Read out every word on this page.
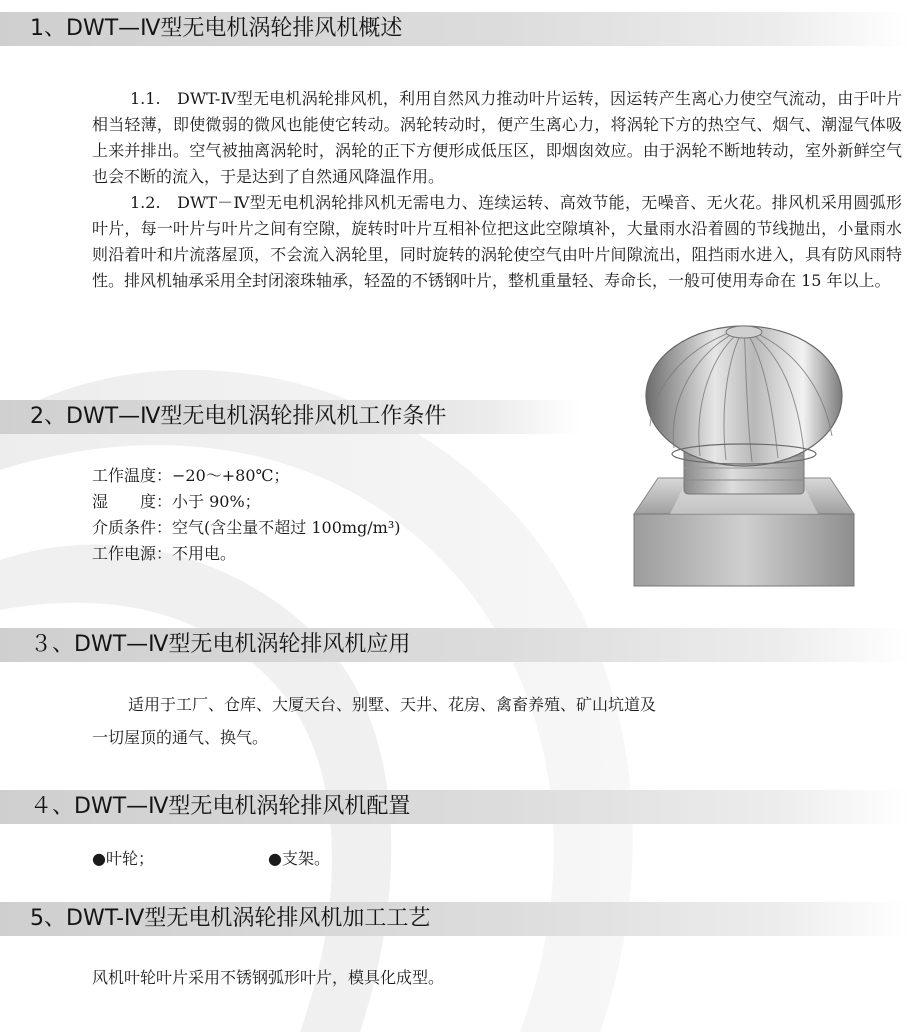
1、DWT—Ⅳ型无电机涡轮排风机概述

1.1.　DWT-Ⅳ型无电机涡轮排风机，利用自然风力推动叶片运转，因运转产生离心力使空气流动，由于叶片相当轻薄，即使微弱的微风也能使它转动。涡轮转动时，便产生离心力，将涡轮下方的热空气、烟气、潮湿气体吸上来并排出。空气被抽离涡轮时，涡轮的正下方便形成低压区，即烟囱效应。由于涡轮不断地转动，室外新鲜空气也会不断的流入，于是达到了自然通风降温作用。

1.2.　DWT－Ⅳ型无电机涡轮排风机无需电力、连续运转、高效节能，无噪音、无火花。排风机采用圆弧形叶片，每一叶片与叶片之间有空隙，旋转时叶片互相补位把这此空隙填补，大量雨水沿着圆的节线抛出，小量雨水则沿着叶和片流落屋顶，不会流入涡轮里，同时旋转的涡轮使空气由叶片间隙流出，阻挡雨水进入，具有防风雨特性。排风机轴承采用全封闭滚珠轴承，轻盈的不锈钢叶片，整机重量轻、寿命长，一般可使用寿命在 15 年以上。

2、DWT—Ⅳ型无电机涡轮排风机工作条件
工作温度：−20～+80℃；
湿　　度：小于 90%；
介质条件：空气(含尘量不超过 100mg/m³)
工作电源：不用电。
３、DWT—Ⅳ型无电机涡轮排风机应用
适用于工厂、仓库、大厦天台、别墅、天井、花房、禽畜养殖、矿山坑道及
一切屋顶的通气、换气。
４、DWT—Ⅳ型无电机涡轮排风机配置
●叶轮；	●支架。
5、DWT-Ⅳ型无电机涡轮排风机加工工艺
风机叶轮叶片采用不锈钢弧形叶片，模具化成型。
